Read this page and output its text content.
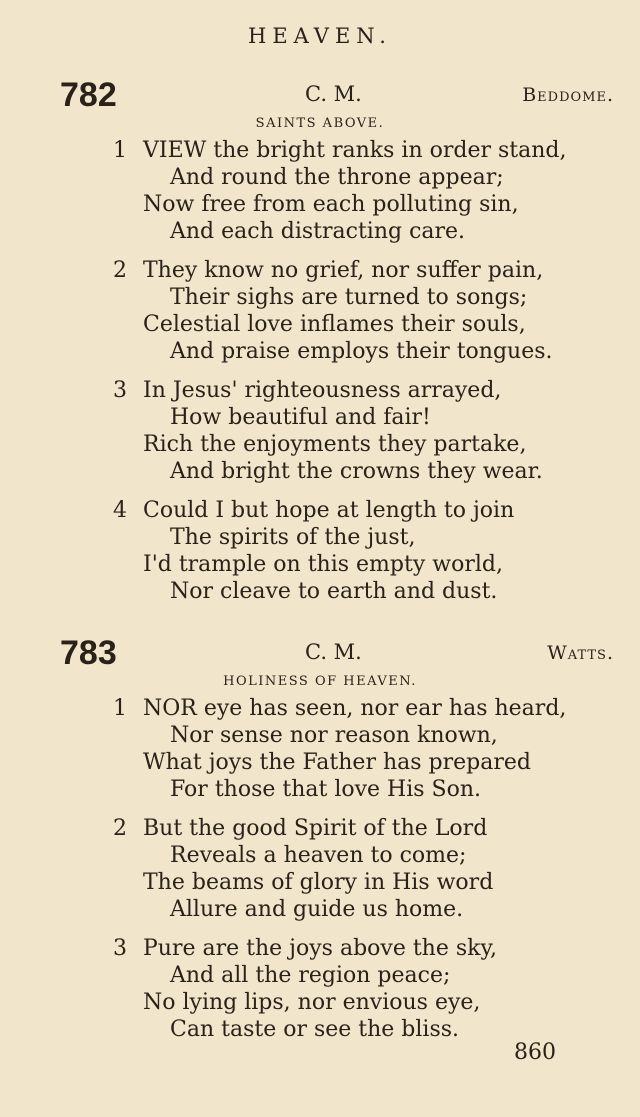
HEAVEN.
782	C. M.	Beddome.
SAINTS ABOVE.
1 VIEW the bright ranks in order stand,
And round the throne appear;
Now free from each polluting sin,
And each distracting care.
2 They know no grief, nor suffer pain,
Their sighs are turned to songs;
Celestial love inflames their souls,
And praise employs their tongues.
3 In Jesus' righteousness arrayed,
How beautiful and fair!
Rich the enjoyments they partake,
And bright the crowns they wear.
4 Could I but hope at length to join
The spirits of the just,
I'd trample on this empty world,
Nor cleave to earth and dust.
783	C. M.	Watts.
HOLINESS OF HEAVEN.
1 NOR eye has seen, nor ear has heard,
Nor sense nor reason known,
What joys the Father has prepared
For those that love His Son.
2 But the good Spirit of the Lord
Reveals a heaven to come;
The beams of glory in His word
Allure and guide us home.
3 Pure are the joys above the sky,
And all the region peace;
No lying lips, nor envious eye,
Can taste or see the bliss.
860
